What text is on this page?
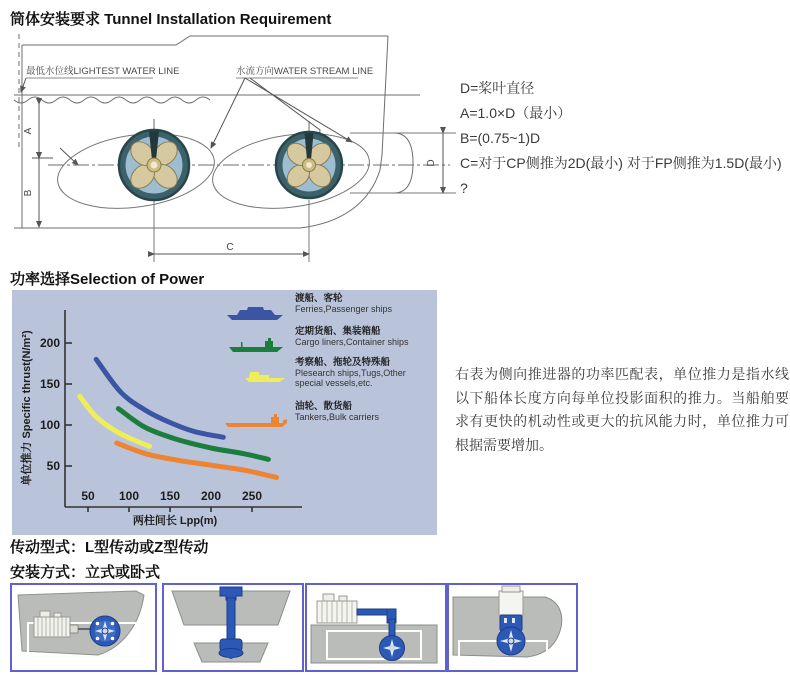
筒体安装要求 Tunnel Installation Requirement
最低水位线LIGHTEST WATER LINE	水流方向WATER STREAM LINE
A
B
C
D
D=桨叶直径
A=1.0×D（最小）
B=(0.75~1)D
C=对于CP侧推为2D(最小) 对于FP侧推为1.5D(最小)
?
功率选择Selection of Power
200
150
100
50
50 100 150 200 250
单位推力 Specific thrust(N/m²)
两柱间长 Lpp(m)
渡船、客轮
Ferries,Passenger ships
定期货船、集装箱船
Cargo liners,Container ships
考察船、拖轮及特殊船
Plesearch ships,Tugs,Other
special vessels,etc.
油轮、散货船
Tankers,Bulk carriers
右表为侧向推进器的功率匹配表，单位推力是指水线以下船体长度方向每单位投影面积的推力。当船舶要求有更快的机动性或更大的抗风能力时，单位推力可根据需要增加。
传动型式：L型传动或Z型传动
安装方式：立式或卧式
